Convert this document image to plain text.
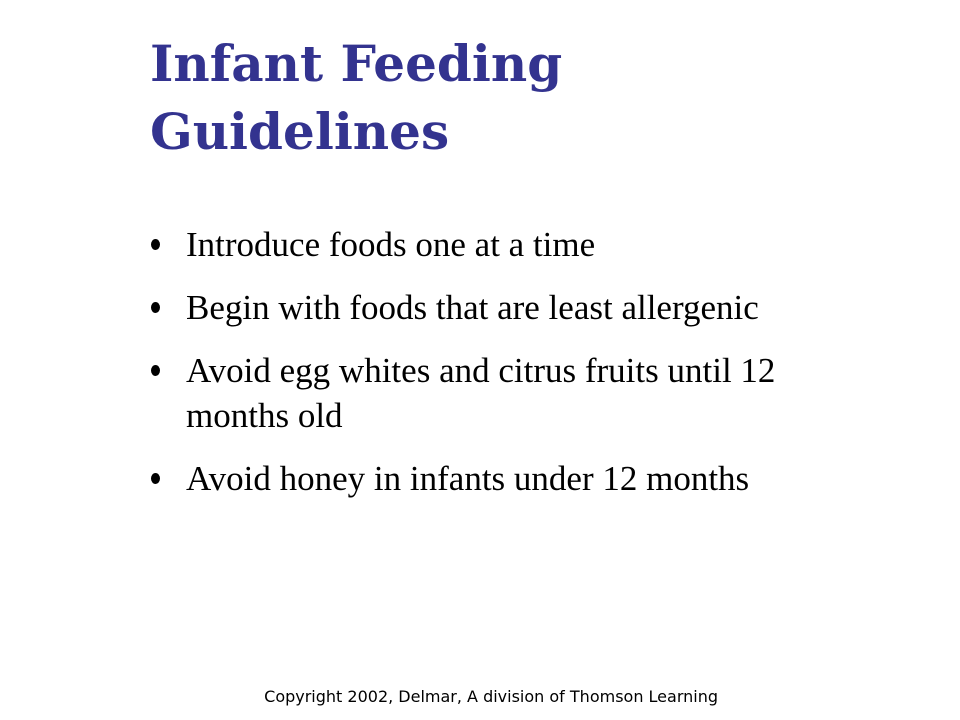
Infant Feeding
Guidelines
Introduce foods one at a time
Begin with foods that are least allergenic
Avoid egg whites and citrus fruits until 12 months old
Avoid honey in infants under 12 months
Copyright 2002, Delmar, A division of Thomson Learning
